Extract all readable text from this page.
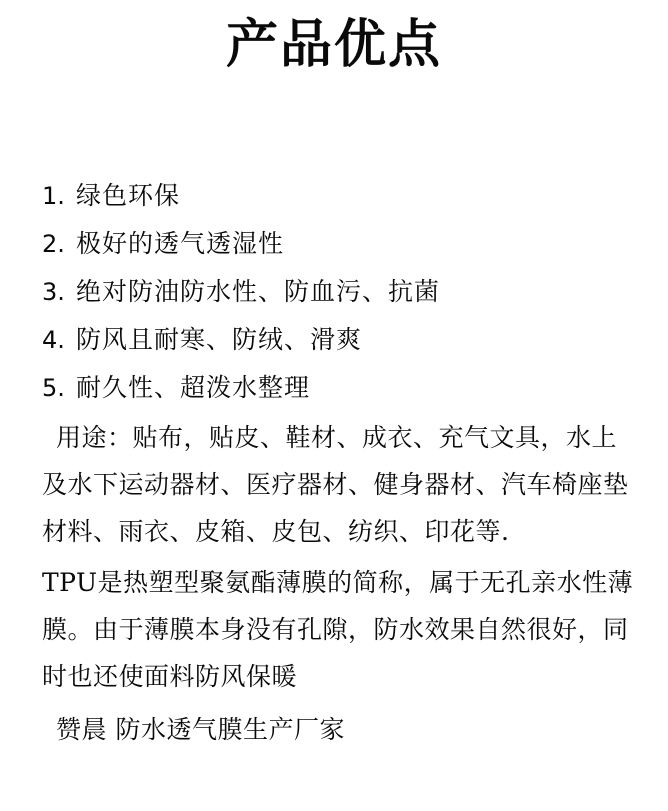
产品优点
1. 绿色环保
2. 极好的透气透湿性
3. 绝对防油防水性、防血污、抗菌
4. 防风且耐寒、防绒、滑爽
5. 耐久性、超泼水整理

用途：贴布，贴皮、鞋材、成衣、充气文具，水上及水下运动器材、医疗器材、健身器材、汽车椅座垫材料、雨衣、皮箱、皮包、纺织、印花等.

TPU是热塑型聚氨酯薄膜的简称，属于无孔亲水性薄膜。由于薄膜本身没有孔隙，防水效果自然很好，同时也还使面料防风保暖

赞晨 防水透气膜生产厂家
